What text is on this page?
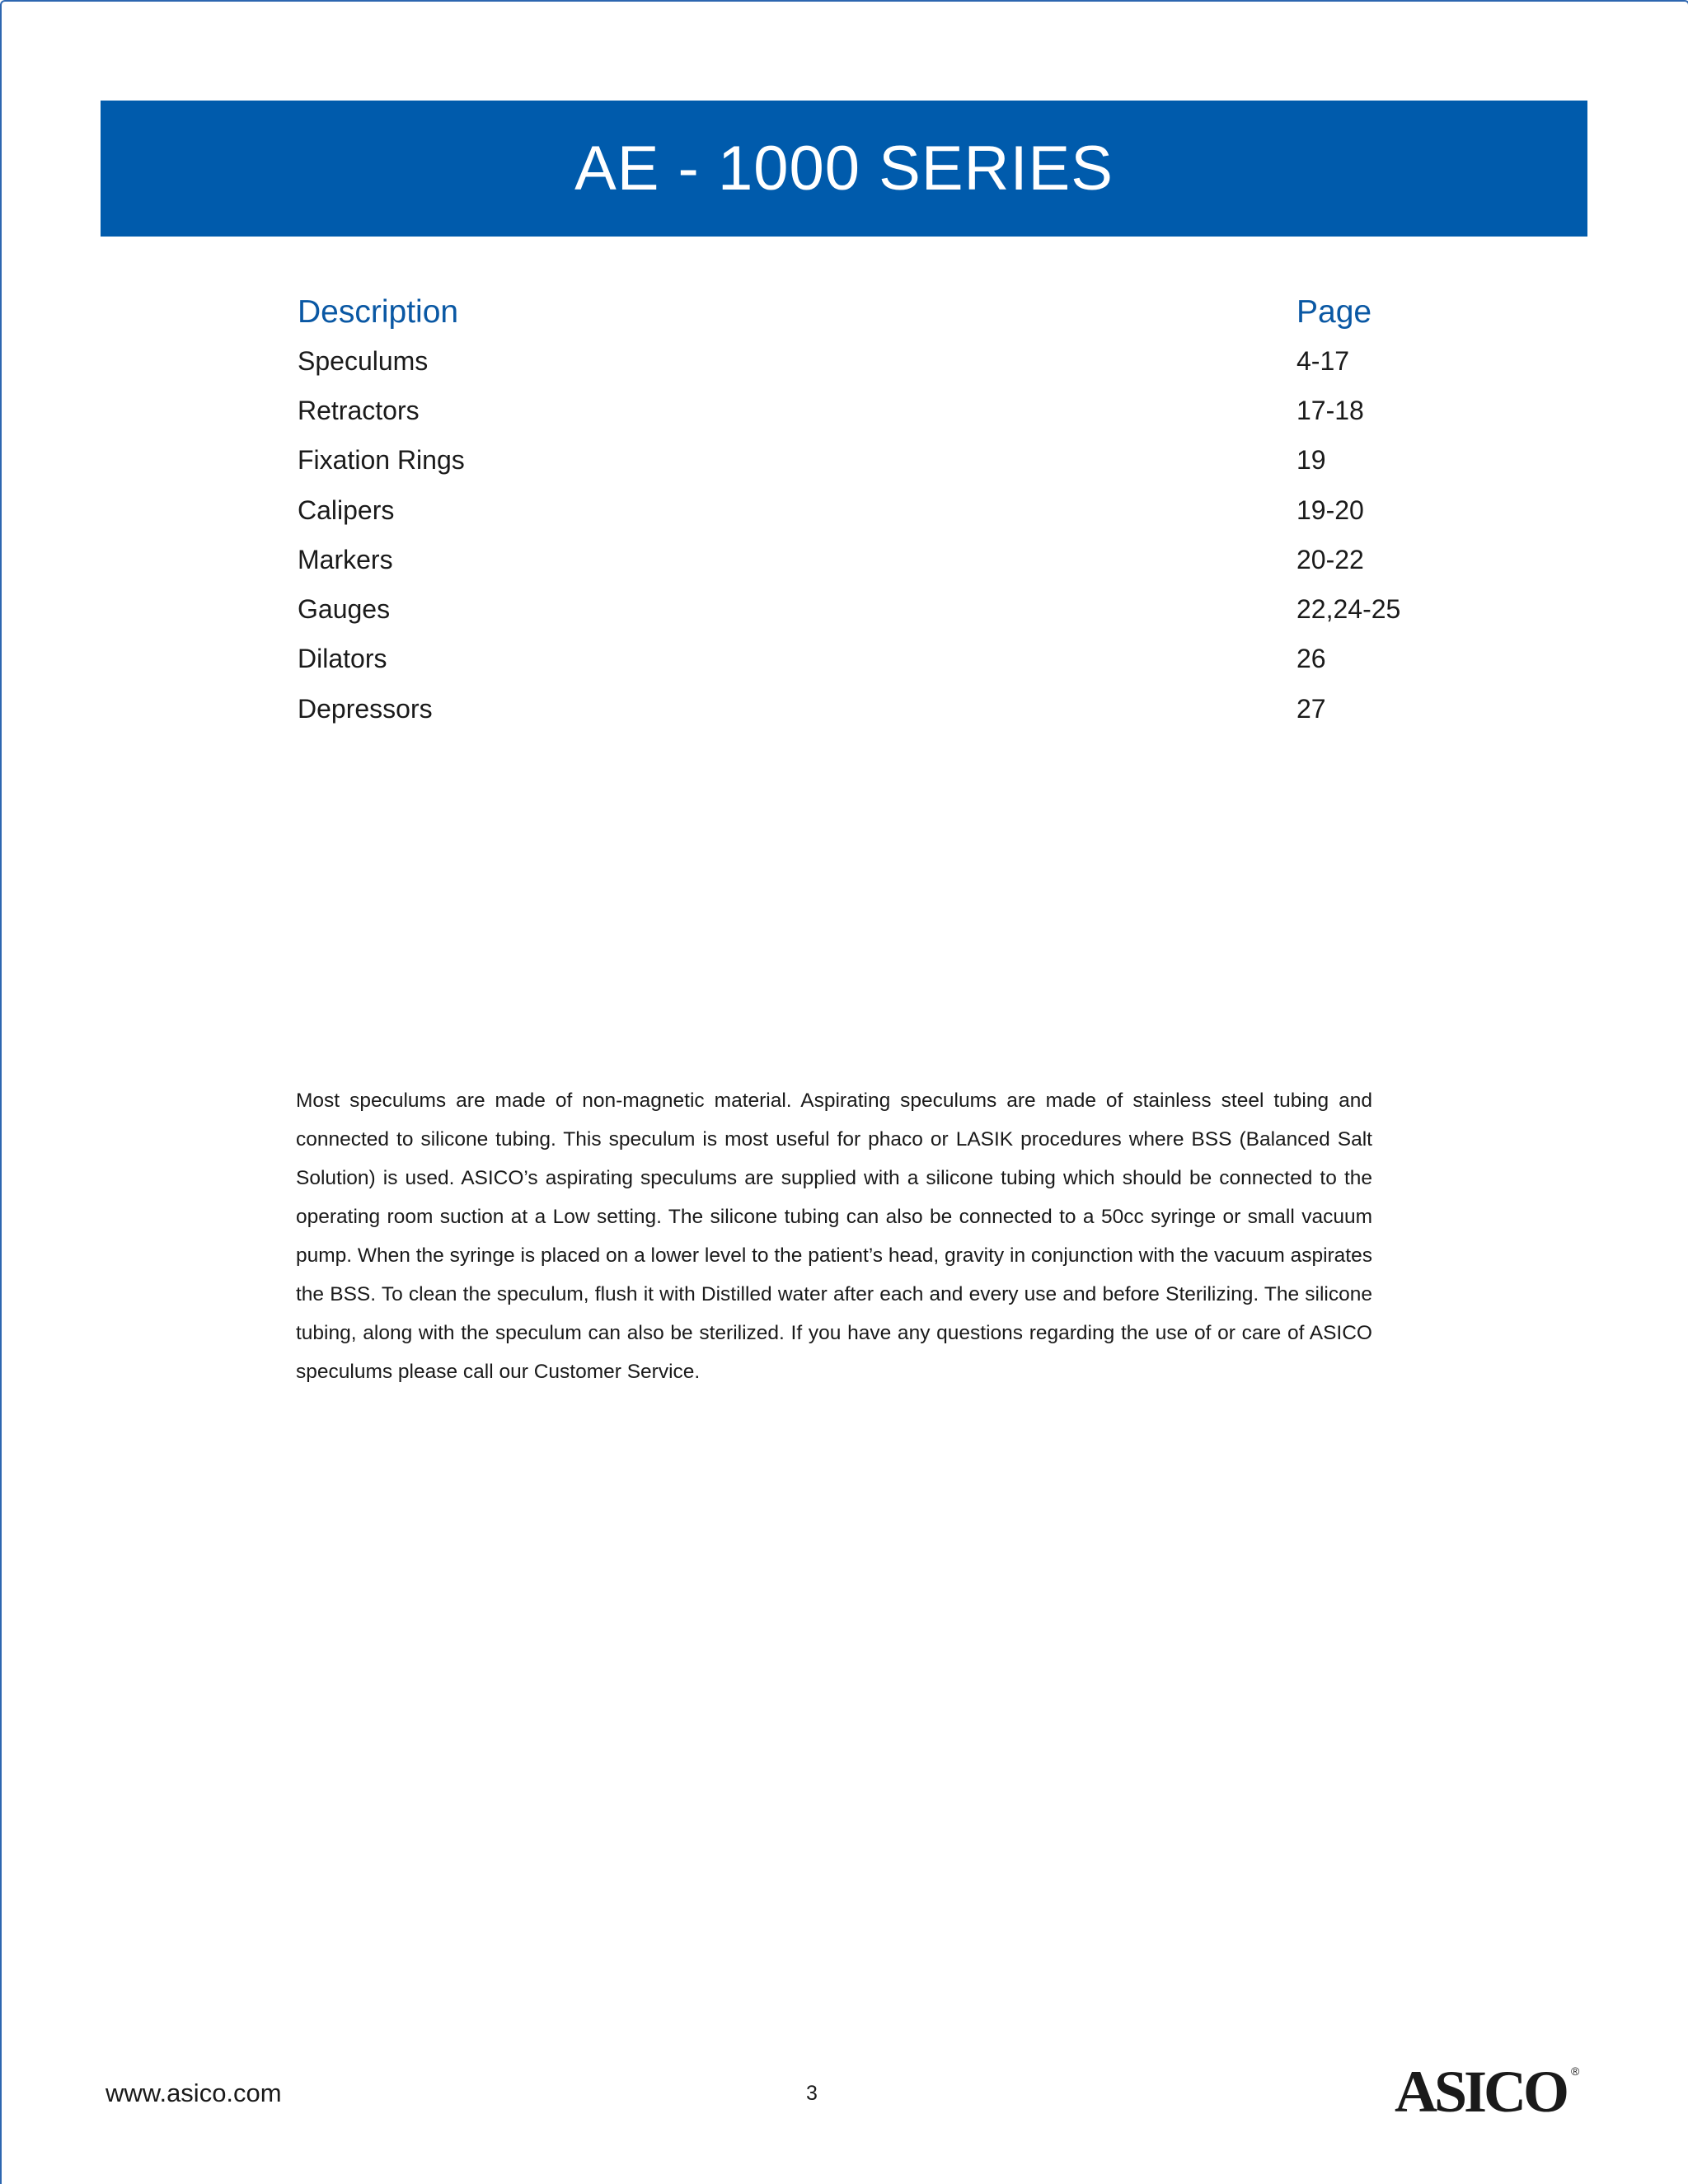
AE - 1000 SERIES
Description	Page
Speculums	4-17
Retractors	17-18
Fixation Rings	19
Calipers	19-20
Markers	20-22
Gauges	22,24-25
Dilators	26
Depressors	27

Most speculums are made of non-magnetic material. Aspirating speculums are made of stainless steel tubing and connected to silicone tubing. This speculum is most useful for phaco or LASIK procedures where BSS (Balanced Salt Solution) is used. ASICO’s aspirating speculums are supplied with a silicone tubing which should be connected to the operating room suction at a Low setting. The silicone tubing can also be connected to a 50cc syringe or small vacuum pump. When the syringe is placed on a lower level to the patient’s head, gravity in conjunction with the vacuum aspirates the BSS. To clean the speculum, flush it with Distilled water after each and every use and before Sterilizing. The silicone tubing, along with the speculum can also be sterilized. If you have any questions regarding the use of or care of ASICO speculums please call our Customer Service.

www.asico.com	3	ASICO ®
